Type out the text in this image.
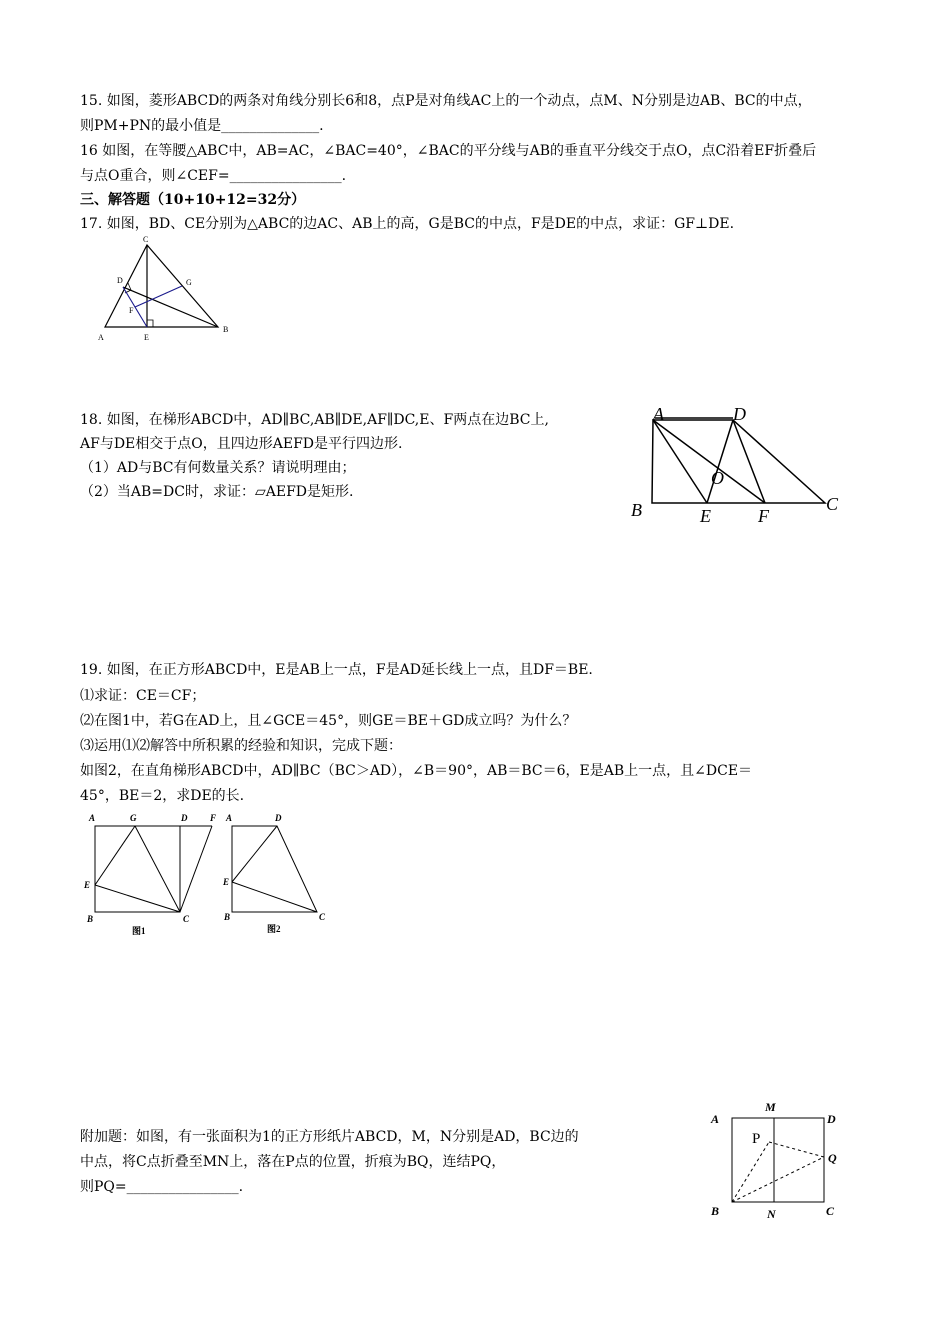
15. 如图，菱形ABCD的两条对角线分别长6和8，点P是对角线AC上的一个动点，点M、N分别是边AB、BC的中点，
则PM+PN的最小值是______________.
16 如图，在等腰△ABC中，AB=AC，∠BAC=40°，∠BAC的平分线与AB的垂直平分线交于点O，点C沿着EF折叠后
与点O重合，则∠CEF=________________.
三、解答题（10+10+12=32分）
17. 如图，BD、CE分别为△ABC的边AC、AB上的高，G是BC的中点，F是DE的中点，求证：GF⊥DE.
C
D	G
F
A	E
B
18. 如图，在梯形ABCD中，AD∥BC,AB∥DE,AF∥DC,E、F两点在边BC上,
AF与DE相交于点O，且四边形AEFD是平行四边形.
（1）AD与BC有何数量关系？请说明理由；
（2）当AB=DC时，求证：▱AEFD是矩形.
A	D
O
B	E	F
C
19. 如图，在正方形ABCD中，E是AB上一点，F是AD延长线上一点，且DF＝BE.
⑴求证：CE＝CF；
⑵在图1中，若G在AD上，且∠GCE＝45°，则GE＝BE＋GD成立吗？为什么？
⑶运用⑴⑵解答中所积累的经验和知识，完成下题：
如图2，在直角梯形ABCD中，AD∥BC（BC＞AD），∠B＝90°，AB＝BC＝6，E是AB上一点，且∠DCE＝
45°，BE＝2，求DE的长.
A	G	D	F
E
B	C
图1
A	D
E
B	C
图2
附加题：如图，有一张面积为1的正方形纸片ABCD，M，N分别是AD，BC边的
中点，将C点折叠至MN上，落在P点的位置，折痕为BQ，连结PQ，
则PQ=________________.
A
M
D
Q
B	N	C
P
